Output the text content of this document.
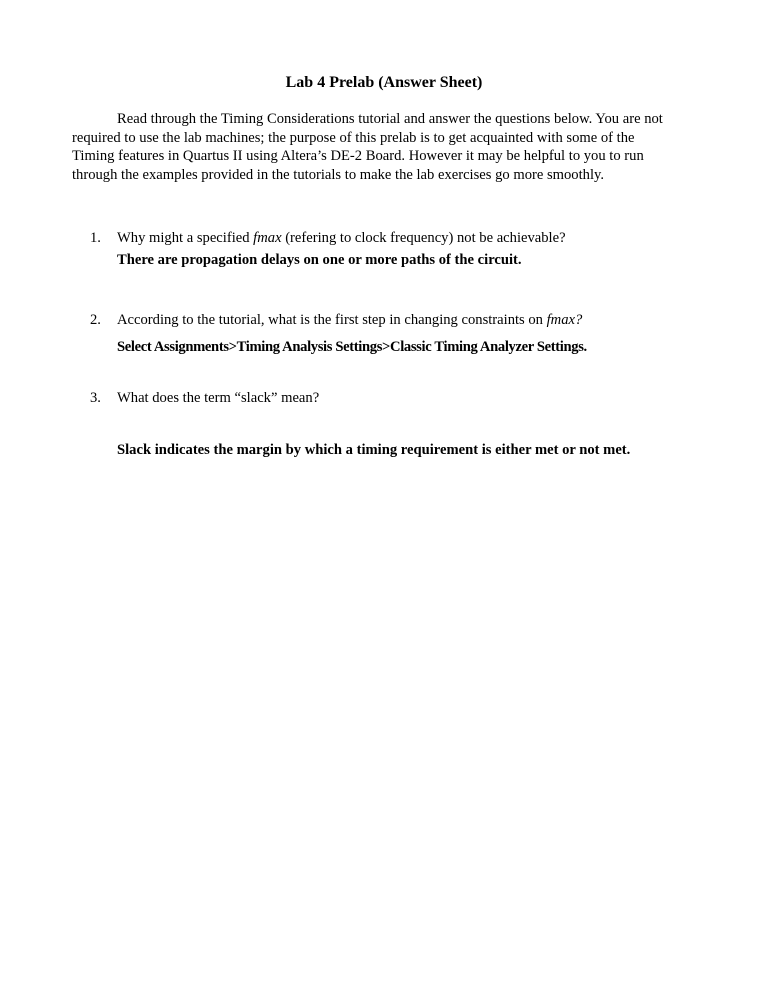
Lab 4 Prelab (Answer Sheet)

Read through the Timing Considerations tutorial and answer the questions below. You are not required to use the lab machines; the purpose of this prelab is to get acquainted with some of the Timing features in Quartus II using Altera’s DE-2 Board. However it may be helpful to you to run through the examples provided in the tutorials to make the lab exercises go more smoothly.

1. Why might a specified fmax (refering to clock frequency) not be achievable?

There are propagation delays on one or more paths of the circuit.

2. According to the tutorial, what is the first step in changing constraints on fmax?

Select Assignments>Timing Analysis Settings>Classic Timing Analyzer Settings.

3. What does the term “slack” mean?

Slack indicates the margin by which a timing requirement is either met or not met.
